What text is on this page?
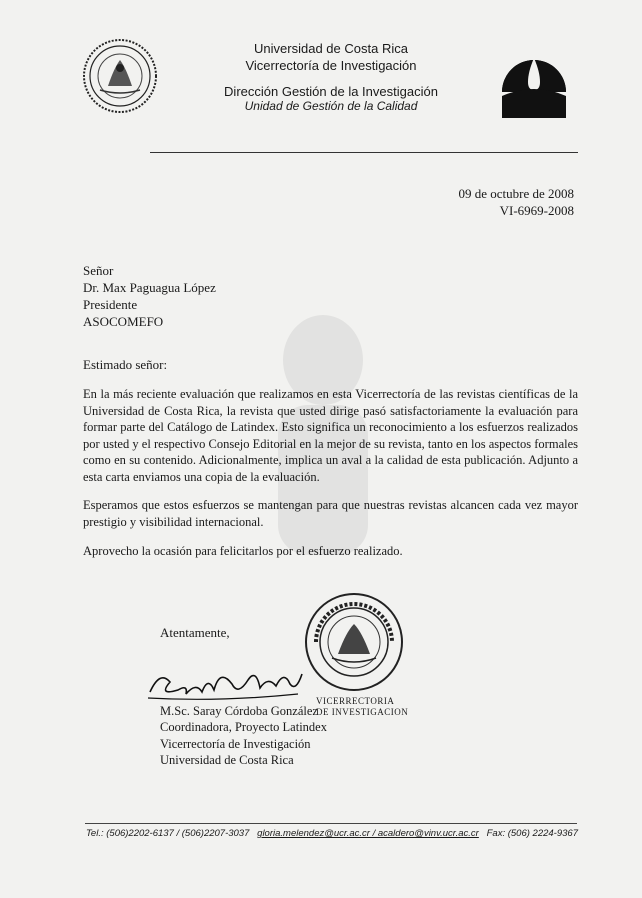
Universidad de Costa Rica
Vicerrectoría de Investigación
Dirección Gestión de la Investigación
Unidad de Gestión de la Calidad
09 de octubre de 2008
VI-6969-2008
Señor
Dr. Max Paguagua López
Presidente
ASOCOMEFO
Estimado señor:
En la más reciente evaluación que realizamos en esta Vicerrectoría de las revistas científicas de la Universidad de Costa Rica, la revista que usted dirige pasó satisfactoriamente la evaluación para formar parte del Catálogo de Latindex. Esto significa un reconocimiento a los esfuerzos realizados por usted y el respectivo Consejo Editorial en la mejor de su revista, tanto en los aspectos formales como en su contenido. Adicionalmente, implica un aval a la calidad de esta publicación. Adjunto a esta carta enviamos una copia de la evaluación.
Esperamos que estos esfuerzos se mantengan para que nuestras revistas alcancen cada vez mayor prestigio y visibilidad internacional.
Aprovecho la ocasión para felicitarlos por el esfuerzo realizado.
Atentamente,
VICERRECTORIA
DE INVESTIGACION
M.Sc. Saray Córdoba González
Coordinadora, Proyecto Latindex
Vicerrectoría de Investigación
Universidad de Costa Rica
Tel.: (506)2202-6137 / (506)2207-3037 gloria.melendez@ucr.ac.cr / acaldero@vinv.ucr.ac.cr Fax: (506) 2224-9367
